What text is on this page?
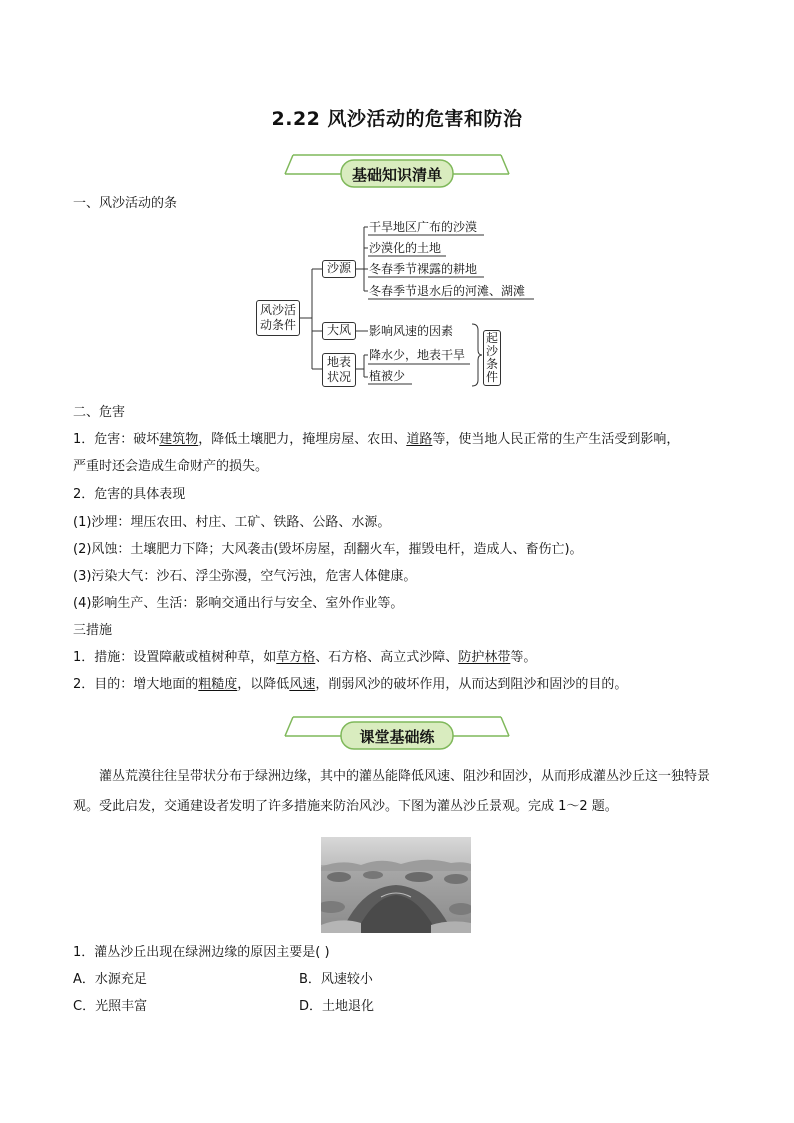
2.22 风沙活动的危害和防治
基础知识清单
一、风沙活动的条
风沙活
动条件
沙源
大风
地表
状况
干旱地区广布的沙漠
沙漠化的土地
冬春季节裸露的耕地
冬春季节退水后的河滩、湖滩
影响风速的因素
降水少，地表干旱
植被少
起
沙
条
件
二、危害
1．危害：破坏建筑物，降低土壤肥力，掩埋房屋、农田、道路等，使当地人民正常的生产生活受到影响，
严重时还会造成生命财产的损失。
2．危害的具体表现
(1)沙埋：埋压农田、村庄、工矿、铁路、公路、水源。
(2)风蚀：土壤肥力下降；大风袭击(毁坏房屋，刮翻火车，摧毁电杆，造成人、畜伤亡)。
(3)污染大气：沙石、浮尘弥漫，空气污浊，危害人体健康。
(4)影响生产、生活：影响交通出行与安全、室外作业等。
三措施
1．措施：设置障蔽或植树种草，如草方格、石方格、高立式沙障、防护林带等。
2．目的：增大地面的粗糙度，以降低风速，削弱风沙的破坏作用，从而达到阻沙和固沙的目的。
课堂基础练
灌丛荒漠往往呈带状分布于绿洲边缘，其中的灌丛能降低风速、阻沙和固沙，从而形成灌丛沙丘这一独特景观。受此启发，交通建设者发明了许多措施来防治风沙。下图为灌丛沙丘景观。完成 1～2 题。
1．灌丛沙丘出现在绿洲边缘的原因主要是( )
A．水源充足	B．风速较小
C．光照丰富	D．土地退化
